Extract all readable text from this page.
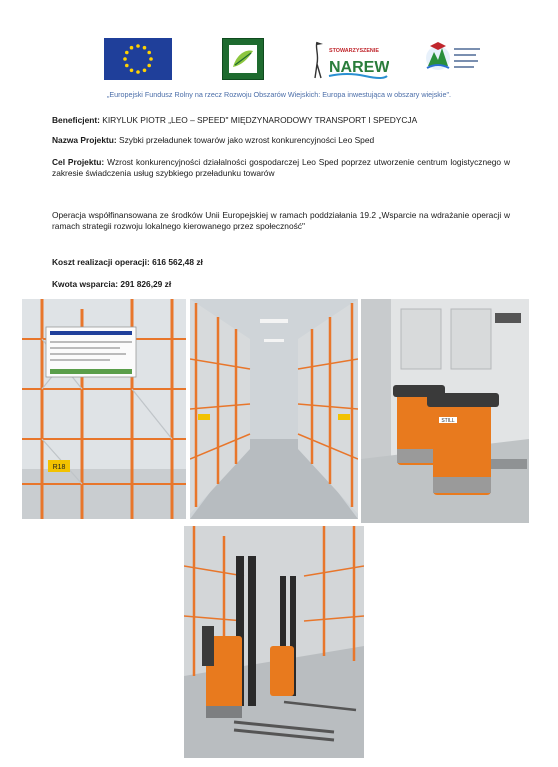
STOWARZYSZENIE
NAREW
„Europejski Fundusz Rolny na rzecz Rozwoju Obszarów Wiejskich: Europa inwestująca w obszary wiejskie".
Beneficjent: KIRYLUK PIOTR „LEO – SPEED" MIĘDZYNARODOWY TRANSPORT I SPEDYCJA
Nazwa Projektu: Szybki przeładunek towarów jako wzrost konkurencyjności Leo Sped
Cel Projektu: Wzrost konkurencyjności działalności gospodarczej Leo Sped poprzez utworzenie centrum logistycznego w zakresie świadczenia usług szybkiego przeładunku towarów
Operacja współfinansowana ze środków Unii Europejskiej w ramach poddziałania 19.2 „Wsparcie na wdrażanie operacji w ramach strategii rozwoju lokalnego kierowanego przez społeczność"
Koszt realizacji operacji: 616 562,48 zł
Kwota wsparcia: 291 826,29 zł
R18
STILL
